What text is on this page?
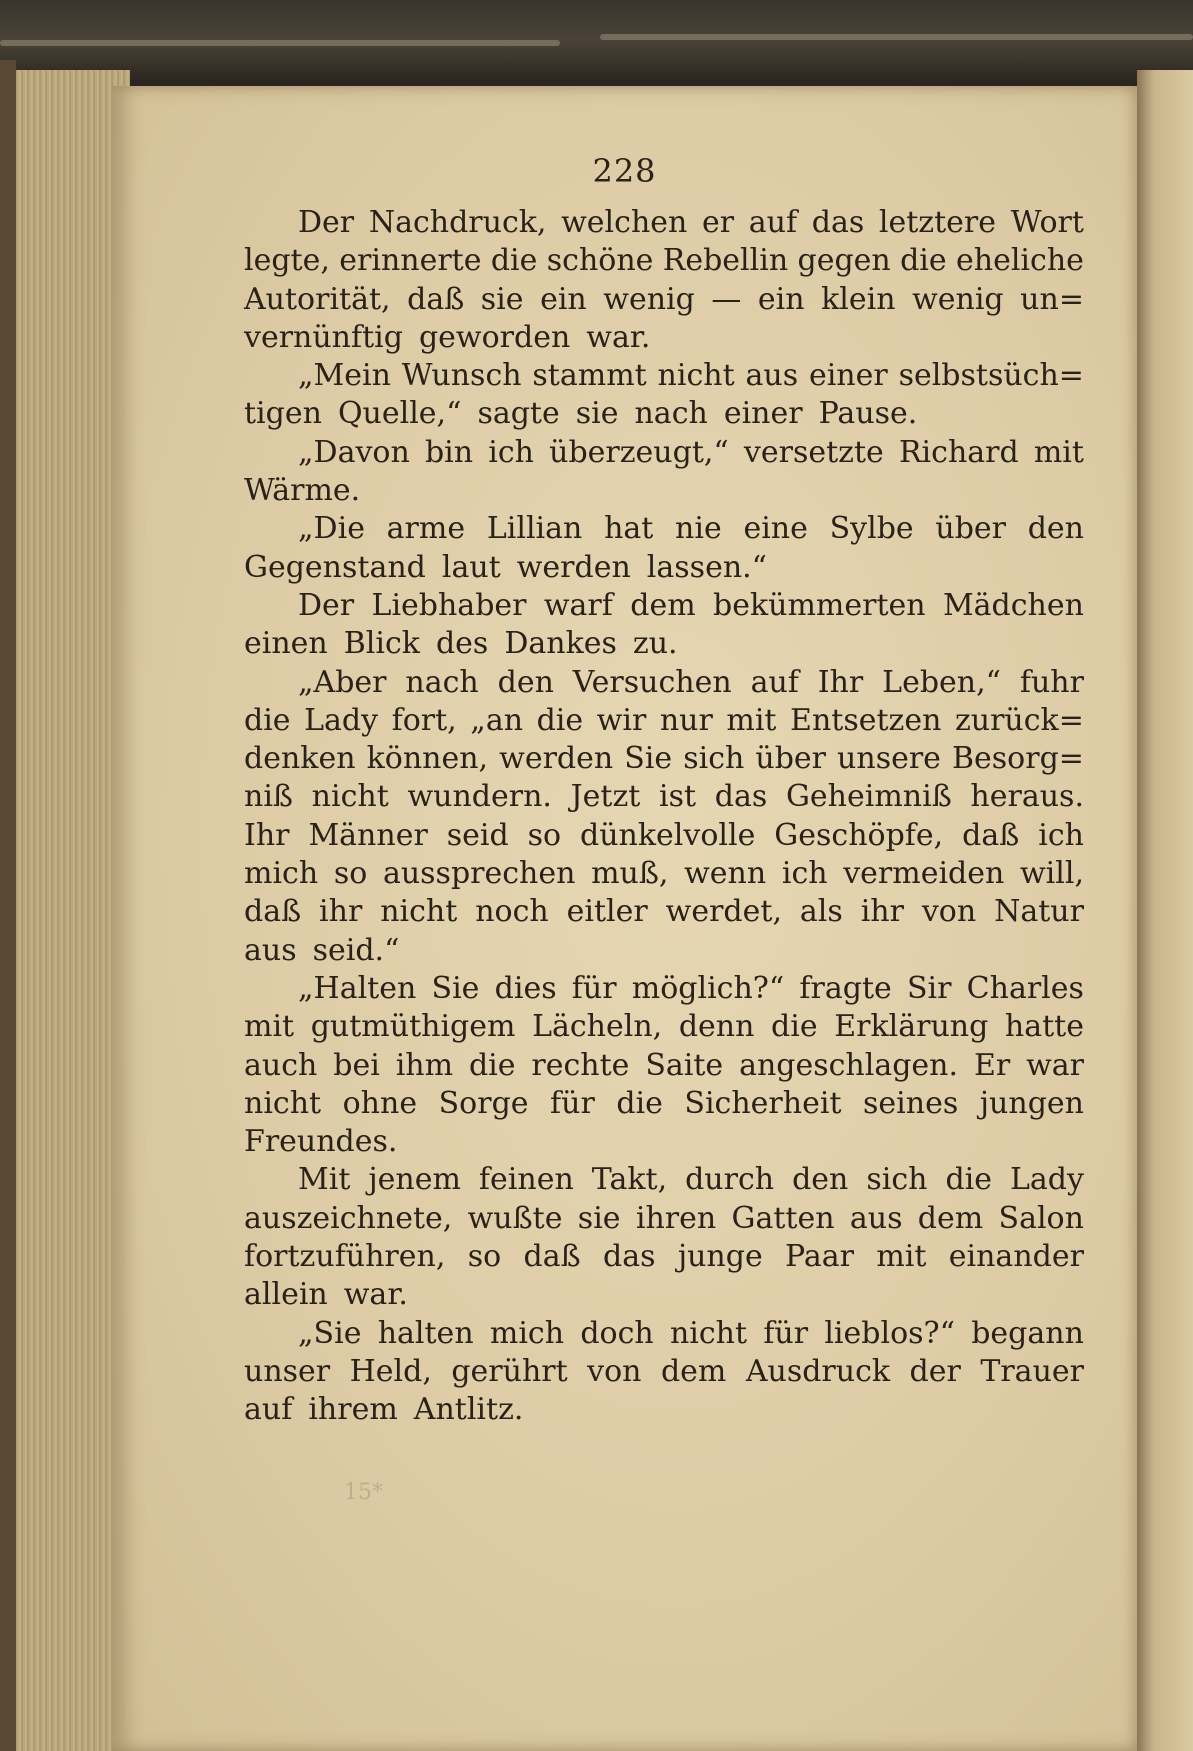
228
Der Nachdruck, welchen er auf das letztere Wort
legte, erinnerte die schöne Rebellin gegen die eheliche
Autorität, daß sie ein wenig — ein klein wenig un=
vernünftig geworden war.
„Mein Wunsch stammt nicht aus einer selbstsüch=
tigen Quelle,“ sagte sie nach einer Pause.
„Davon bin ich überzeugt,“ versetzte Richard mit
Wärme.
„Die arme Lillian hat nie eine Sylbe über den
Gegenstand laut werden lassen.“
Der Liebhaber warf dem bekümmerten Mädchen
einen Blick des Dankes zu.
„Aber nach den Versuchen auf Ihr Leben,“ fuhr
die Lady fort, „an die wir nur mit Entsetzen zurück=
denken können, werden Sie sich über unsere Besorg=
niß nicht wundern. Jetzt ist das Geheimniß heraus.
Ihr Männer seid so dünkelvolle Geschöpfe, daß ich
mich so aussprechen muß, wenn ich vermeiden will,
daß ihr nicht noch eitler werdet, als ihr von Natur
aus seid.“
„Halten Sie dies für möglich?“ fragte Sir Charles
mit gutmüthigem Lächeln, denn die Erklärung hatte
auch bei ihm die rechte Saite angeschlagen. Er war
nicht ohne Sorge für die Sicherheit seines jungen
Freundes.
Mit jenem feinen Takt, durch den sich die Lady
auszeichnete, wußte sie ihren Gatten aus dem Salon
fortzuführen, so daß das junge Paar mit einander
allein war.
„Sie halten mich doch nicht für lieblos?“ begann
unser Held, gerührt von dem Ausdruck der Trauer
auf ihrem Antlitz.
15*
